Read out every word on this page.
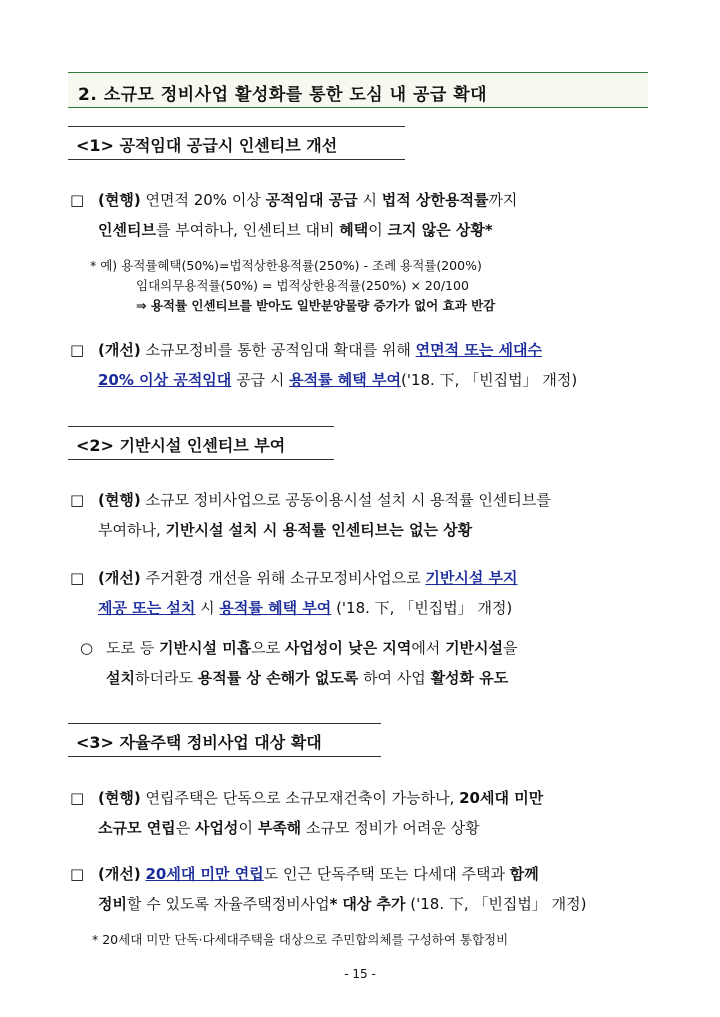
2. 소규모 정비사업 활성화를 통한 도심 내 공급 확대
<1> 공적임대 공급시 인센티브 개선
□ (현행) 연면적 20% 이상 공적임대 공급 시 법적 상한용적률까지
인센티브를 부여하나, 인센티브 대비 혜택이 크지 않은 상황*
* 예) 용적률혜택(50%)=법적상한용적률(250%) - 조례 용적률(200%)
임대의무용적률(50%) = 법적상한용적률(250%) × 20/100
⇒ 용적률 인센티브를 받아도 일반분양물량 증가가 없어 효과 반감
□ (개선) 소규모정비를 통한 공적임대 확대를 위해 연면적 또는 세대수
20% 이상 공적임대 공급 시 용적률 혜택 부여('18. 下, 「빈집법」 개정)
<2> 기반시설 인센티브 부여
□ (현행) 소규모 정비사업으로 공동이용시설 설치 시 용적률 인센티브를
부여하나, 기반시설 설치 시 용적률 인센티브는 없는 상황
□ (개선) 주거환경 개선을 위해 소규모정비사업으로 기반시설 부지
제공 또는 설치 시 용적률 혜택 부여 ('18. 下, 「빈집법」 개정)
○ 도로 등 기반시설 미흡으로 사업성이 낮은 지역에서 기반시설을
설치하더라도 용적률 상 손해가 없도록 하여 사업 활성화 유도
<3> 자율주택 정비사업 대상 확대
□ (현행) 연립주택은 단독으로 소규모재건축이 가능하나, 20세대 미만
소규모 연립은 사업성이 부족해 소규모 정비가 어려운 상황
□ (개선) 20세대 미만 연립도 인근 단독주택 또는 다세대 주택과 함께
정비할 수 있도록 자율주택정비사업* 대상 추가 ('18. 下, 「빈집법」 개정)
* 20세대 미만 단독·다세대주택을 대상으로 주민합의체를 구성하여 통합정비
- 15 -
